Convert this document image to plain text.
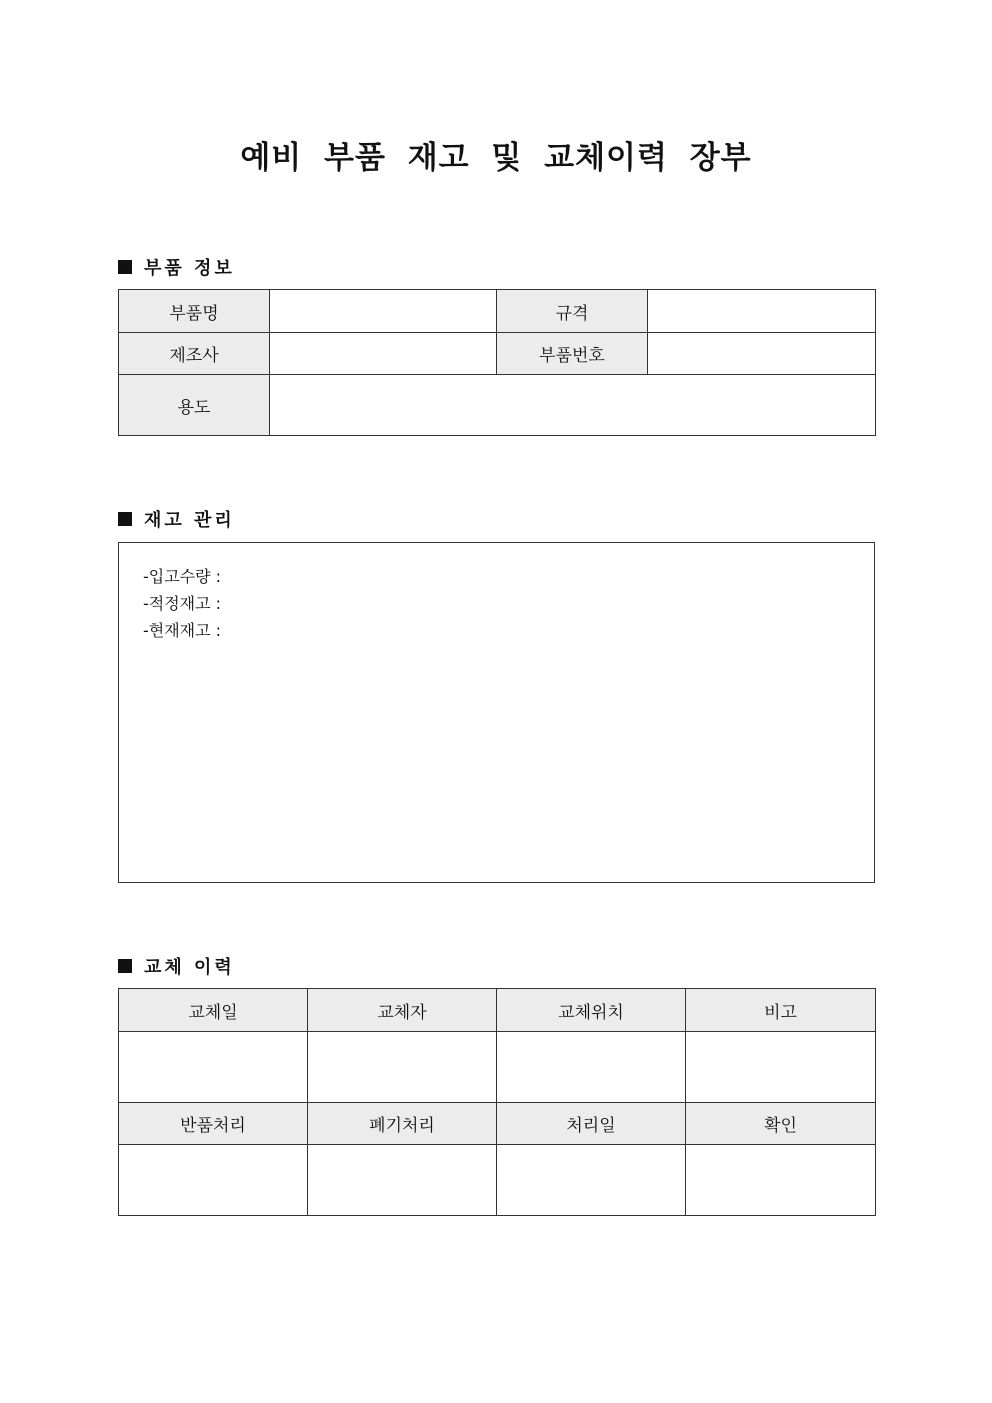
예비 부품 재고 및 교체이력 장부
부품 정보
부품명		규격	
제조사		부품번호	
용도			
재고 관리
-입고수량 :
-적정재고 :
-현재재고 :
교체 이력
교체일	교체자	교체위치	비고

반품처리	폐기처리	처리일	확인
